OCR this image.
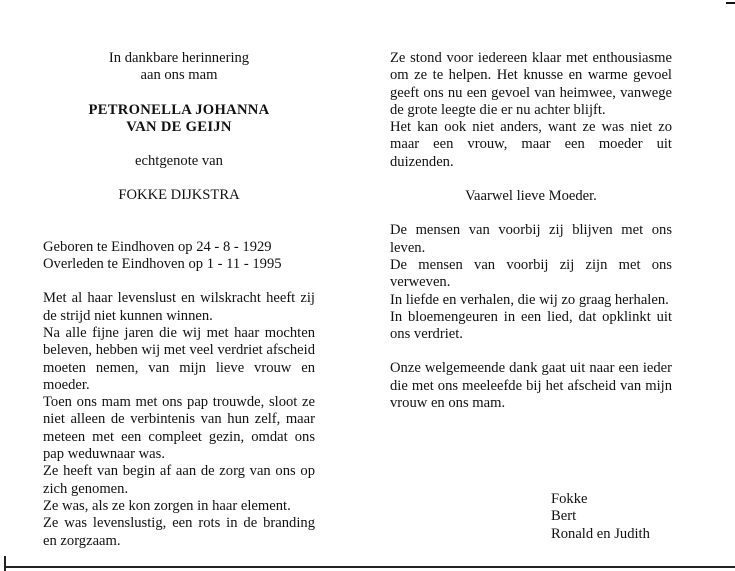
In dankbare herinnering
aan ons mam
PETRONELLA JOHANNA
VAN DE GEIJN
echtgenote van
FOKKE DIJKSTRA
Geboren te Eindhoven op 24 - 8 - 1929
Overleden te Eindhoven op 1 - 11 - 1995

Met al haar levenslust en wilskracht heeft zij de strijd niet kunnen winnen.

Na alle fijne jaren die wij met haar mochten beleven, hebben wij met veel verdriet afscheid moeten nemen, van mijn lieve vrouw en moeder.

Toen ons mam met ons pap trouwde, sloot ze niet alleen de verbintenis van hun zelf, maar meteen met een compleet gezin, omdat ons pap weduwnaar was.

Ze heeft van begin af aan de zorg van ons op zich genomen.

Ze was, als ze kon zorgen in haar element.

Ze was levenslustig, een rots in de branding en zorgzaam.

Ze stond voor iedereen klaar met enthousiasme om ze te helpen. Het knusse en warme gevoel geeft ons nu een gevoel van heimwee, vanwege de grote leegte die er nu achter blijft.

Het kan ook niet anders, want ze was niet zo maar een vrouw, maar een moeder uit duizenden.

Vaarwel lieve Moeder.

De mensen van voorbij zij blijven met ons leven.

De mensen van voorbij zij zijn met ons verweven.

In liefde en verhalen, die wij zo graag herhalen.

In bloemengeuren in een lied, dat opklinkt uit ons verdriet.

Onze welgemeende dank gaat uit naar een ieder die met ons meeleefde bij het afscheid van mijn vrouw en ons mam.

Fokke
Bert
Ronald en Judith
